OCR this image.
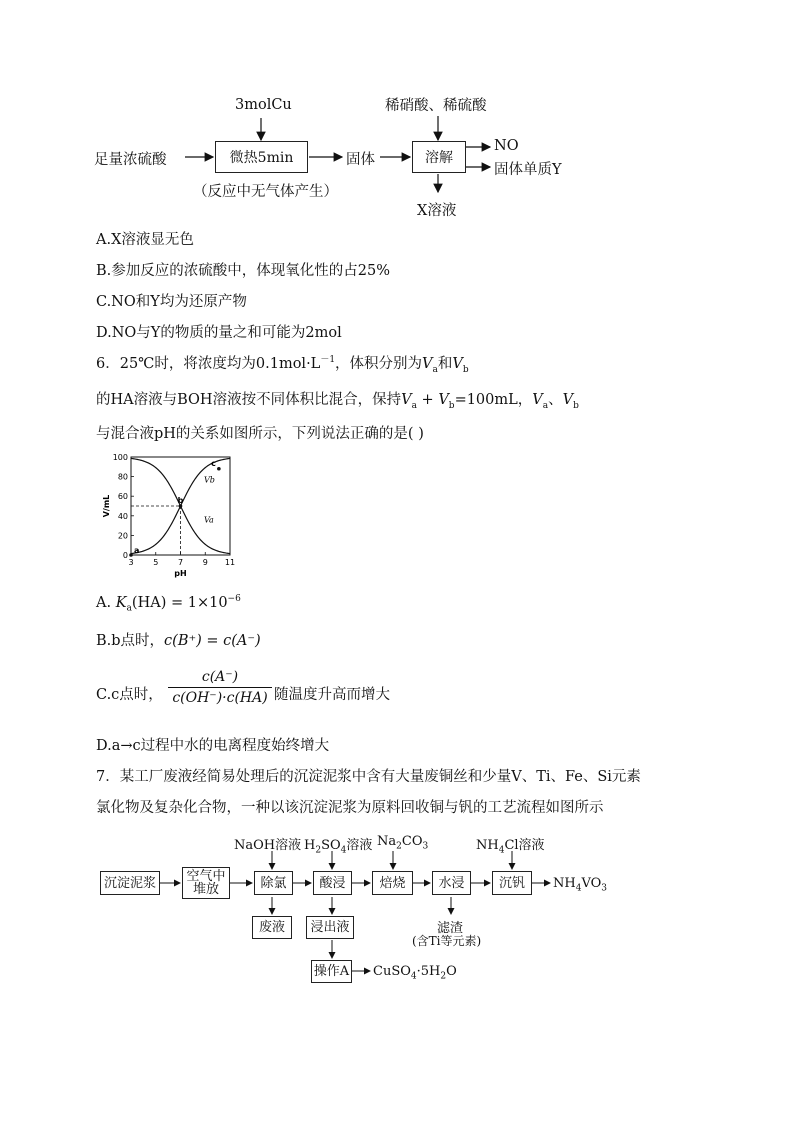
3molCu	稀硝酸、稀硫酸
足量浓硫酸	微热5min	固体	溶解
NO
固体单质Y
（反应中无气体产生）
X溶液
A.X溶液显无色
B.参加反应的浓硫酸中，体现氧化性的占25%
C.NO和Y均为还原产物
D.NO与Y的物质的量之和可能为2mol
6．25℃时，将浓度均为$0.1mol\cdot L^{-1}$，体积分别为$V_a$和$V_b$
的HA溶液与BOH溶液按不同体积比混合，保持$V_a + V_b=100mL$，$V_a$、$V_b$
与混合液pH的关系如图所示，下列说法正确的是( )
0
20
40
60
80
100
3 5 7 9 11
pH
V/mL
a
b
c
Vb
Va
A. $K_a(HA) = 1\times 10^{-6}$
B.b点时，c(B⁺) = c(A⁻)
C.c点时，
c(A⁻)
c(OH⁻)·c(HA) 随温度升高而增大
D.a→c过程中水的电离程度始终增大
7．某工厂废液经简易处理后的沉淀泥浆中含有大量废铜丝和少量V、Ti、Fe、Si元素
氯化物及复杂化合物，一种以该沉淀泥浆为原料回收铜与钒的工艺流程如图所示
NaOH溶液 $H_2SO_4$溶液 $Na_2CO_3$	$NH_4Cl$溶液
沉淀泥浆	空气中
堆放	除氯	酸浸	焙烧	水浸	沉钒	$NH_4VO_3$
废液	浸出液	滤渣
(含Ti等元素)
操作A $CuSO_4\cdot 5H_2O$
